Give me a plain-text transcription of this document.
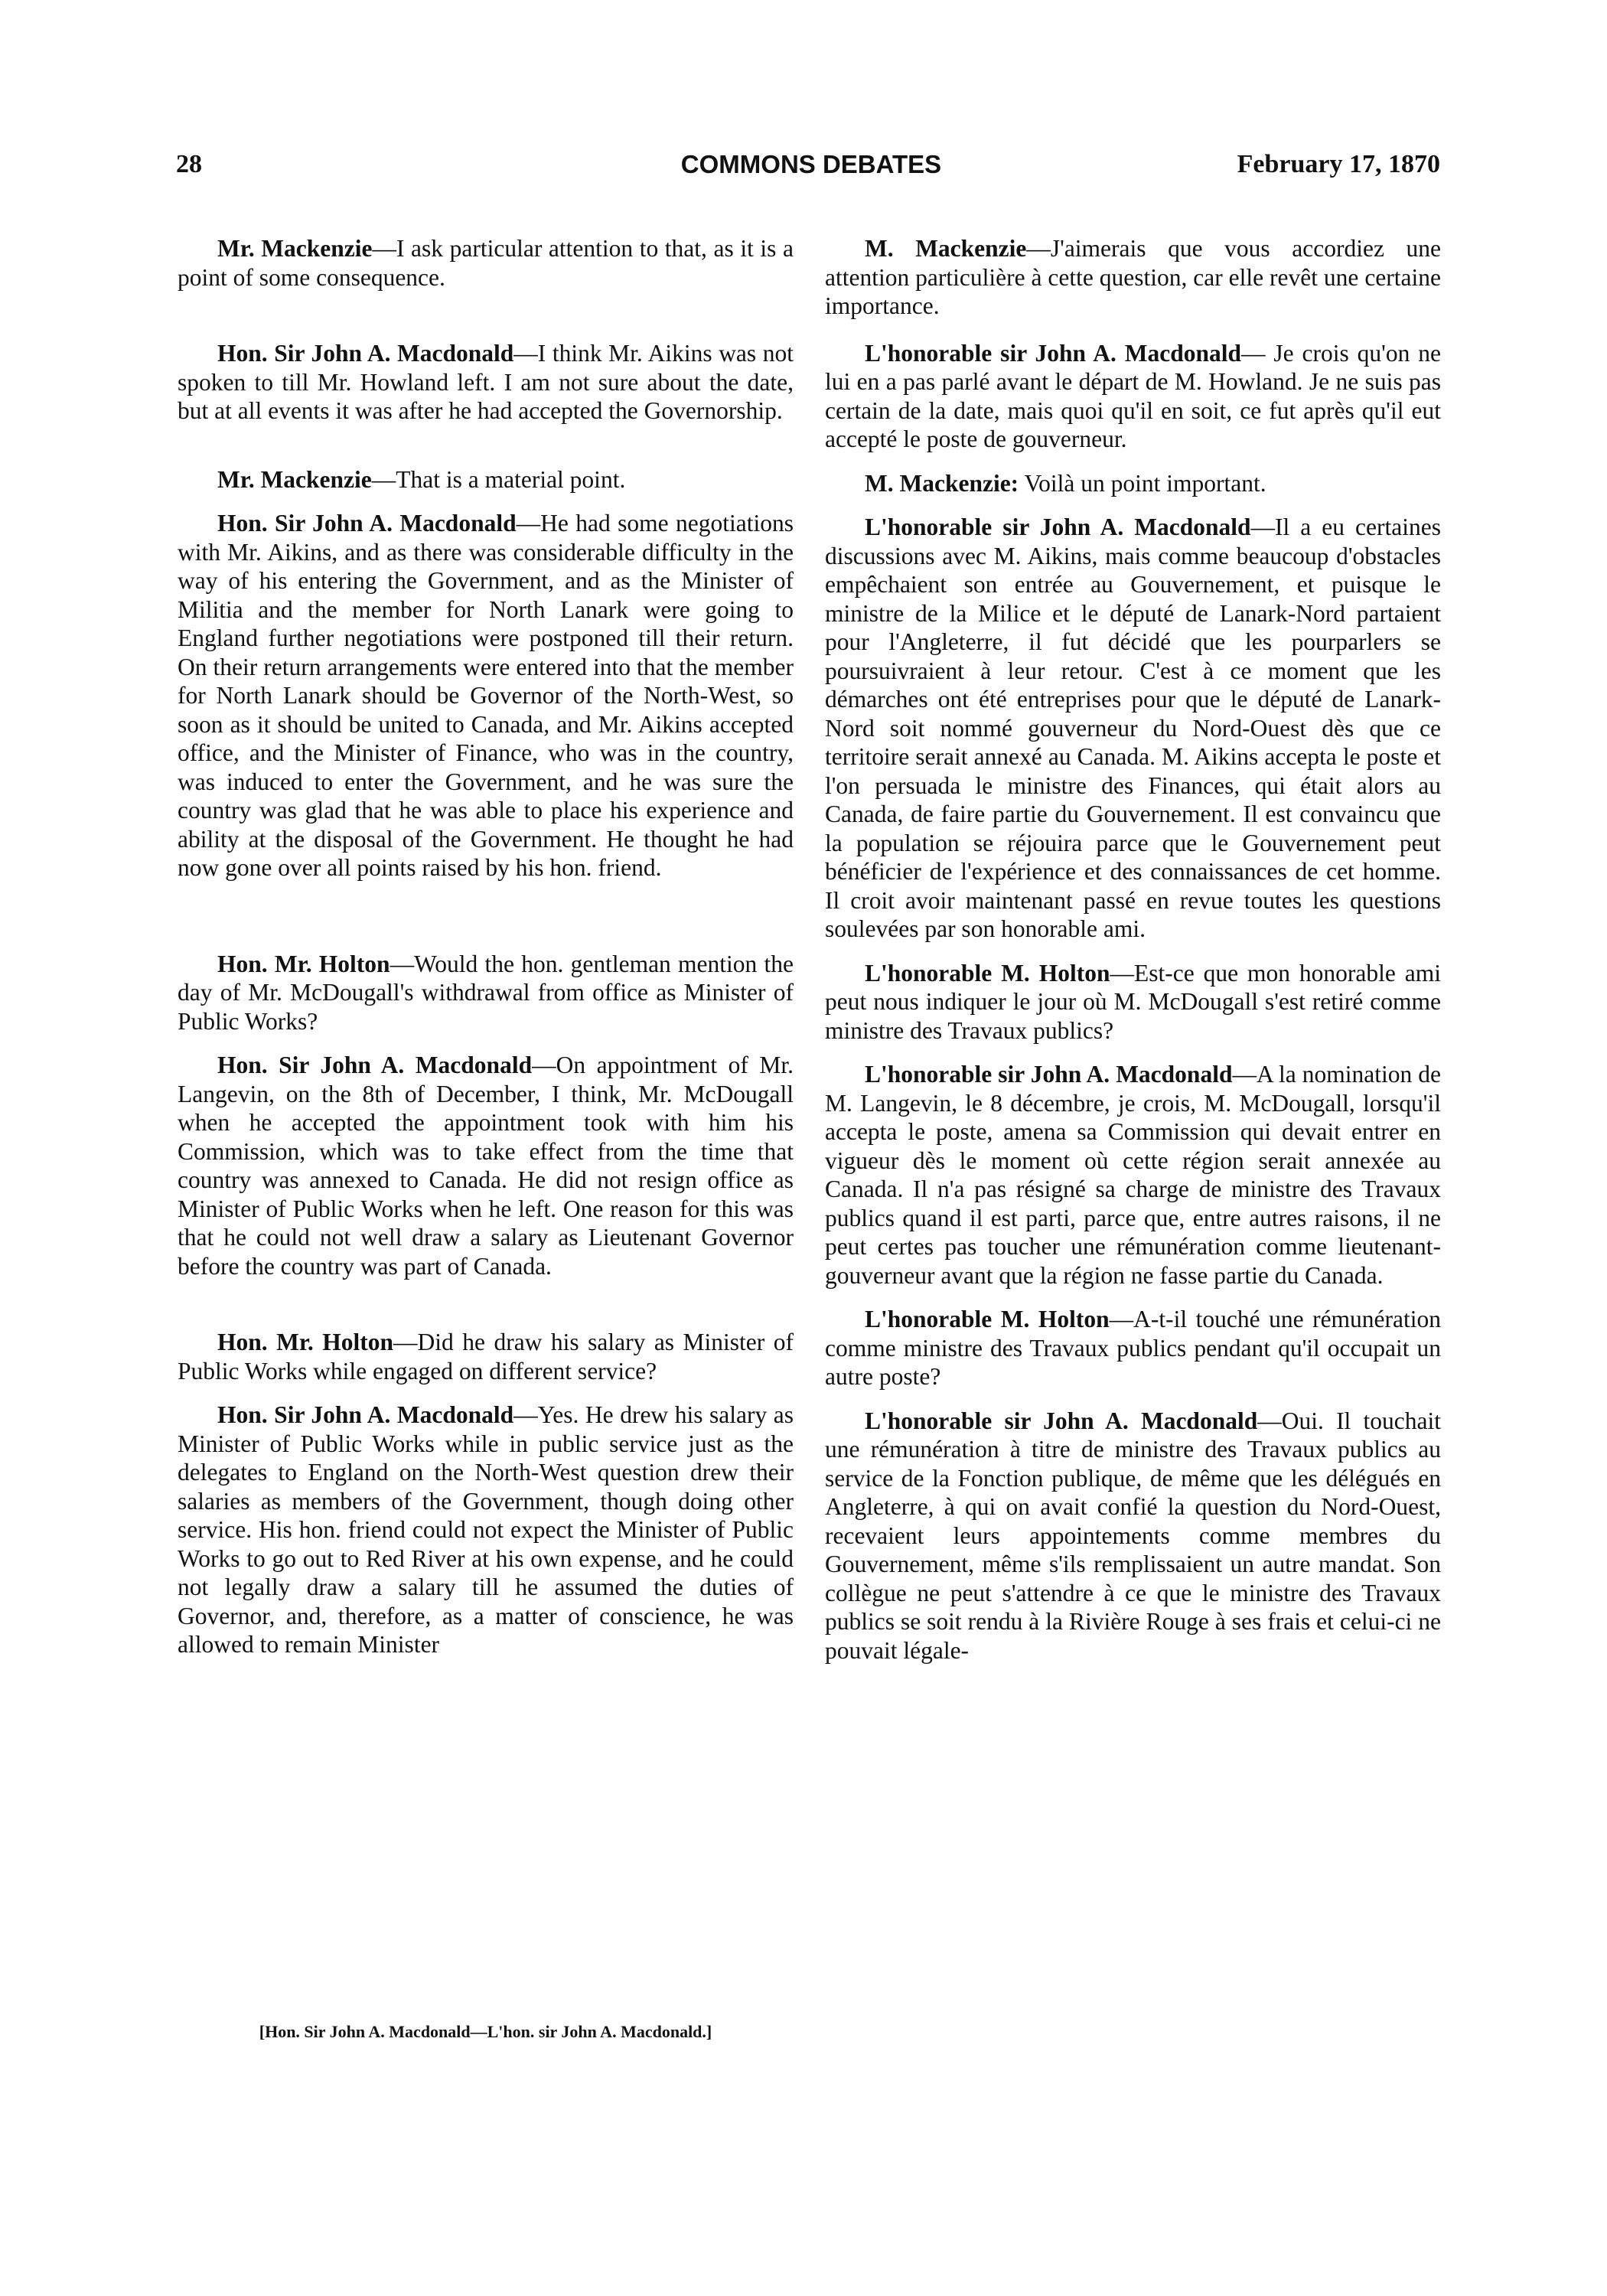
28	COMMONS DEBATES	February 17, 1870

Mr. Mackenzie—I ask particular attention to that, as it is a point of some consequence.

Hon. Sir John A. Macdonald—I think Mr. Aikins was not spoken to till Mr. Howland left. I am not sure about the date, but at all events it was after he had accepted the Governorship.

Mr. Mackenzie—That is a material point.

Hon. Sir John A. Macdonald—He had some negotiations with Mr. Aikins, and as there was considerable difficulty in the way of his entering the Government, and as the Minister of Militia and the member for North Lanark were going to England further negotiations were postponed till their return. On their return arrangements were entered into that the member for North Lanark should be Governor of the North-West, so soon as it should be united to Canada, and Mr. Aikins accepted office, and the Minister of Finance, who was in the country, was induced to enter the Government, and he was sure the country was glad that he was able to place his experience and ability at the disposal of the Government. He thought he had now gone over all points raised by his hon. friend.

Hon. Mr. Holton—Would the hon. gentleman mention the day of Mr. McDougall's withdrawal from office as Minister of Public Works?

Hon. Sir John A. Macdonald—On appointment of Mr. Langevin, on the 8th of December, I think, Mr. McDougall when he accepted the appointment took with him his Commission, which was to take effect from the time that country was annexed to Canada. He did not resign office as Minister of Public Works when he left. One reason for this was that he could not well draw a salary as Lieutenant Governor before the country was part of Canada.

Hon. Mr. Holton—Did he draw his salary as Minister of Public Works while engaged on different service?

Hon. Sir John A. Macdonald—Yes. He drew his salary as Minister of Public Works while in public service just as the delegates to England on the North-West question drew their salaries as members of the Government, though doing other service. His hon. friend could not expect the Minister of Public Works to go out to Red River at his own expense, and he could not legally draw a salary till he assumed the duties of Governor, and, therefore, as a matter of conscience, he was allowed to remain Minister

M. Mackenzie—J'aimerais que vous accordiez une attention particulière à cette question, car elle revêt une certaine importance.

L'honorable sir John A. Macdonald— Je crois qu'on ne lui en a pas parlé avant le départ de M. Howland. Je ne suis pas certain de la date, mais quoi qu'il en soit, ce fut après qu'il eut accepté le poste de gouverneur.

M. Mackenzie: Voilà un point important.

L'honorable sir John A. Macdonald—Il a eu certaines discussions avec M. Aikins, mais comme beaucoup d'obstacles empêchaient son entrée au Gouvernement, et puisque le ministre de la Milice et le député de Lanark-Nord partaient pour l'Angleterre, il fut décidé que les pourparlers se poursuivraient à leur retour. C'est à ce moment que les démarches ont été entreprises pour que le député de Lanark-Nord soit nommé gouverneur du Nord-Ouest dès que ce territoire serait annexé au Canada. M. Aikins accepta le poste et l'on persuada le ministre des Finances, qui était alors au Canada, de faire partie du Gouvernement. Il est convaincu que la population se réjouira parce que le Gouvernement peut bénéficier de l'expérience et des connaissances de cet homme. Il croit avoir maintenant passé en revue toutes les questions soulevées par son honorable ami.

L'honorable M. Holton—Est-ce que mon honorable ami peut nous indiquer le jour où M. McDougall s'est retiré comme ministre des Travaux publics?

L'honorable sir John A. Macdonald—A la nomination de M. Langevin, le 8 décembre, je crois, M. McDougall, lorsqu'il accepta le poste, amena sa Commission qui devait entrer en vigueur dès le moment où cette région serait annexée au Canada. Il n'a pas résigné sa charge de ministre des Travaux publics quand il est parti, parce que, entre autres raisons, il ne peut certes pas toucher une rémunération comme lieutenant-gouverneur avant que la région ne fasse partie du Canada.

L'honorable M. Holton—A-t-il touché une rémunération comme ministre des Travaux publics pendant qu'il occupait un autre poste?

L'honorable sir John A. Macdonald—Oui. Il touchait une rémunération à titre de ministre des Travaux publics au service de la Fonction publique, de même que les délégués en Angleterre, à qui on avait confié la question du Nord-Ouest, recevaient leurs appointements comme membres du Gouvernement, même s'ils remplissaient un autre mandat. Son collègue ne peut s'attendre à ce que le ministre des Travaux publics se soit rendu à la Rivière Rouge à ses frais et celui-ci ne pouvait légale-

[Hon. Sir John A. Macdonald—L'hon. sir John A. Macdonald.]
